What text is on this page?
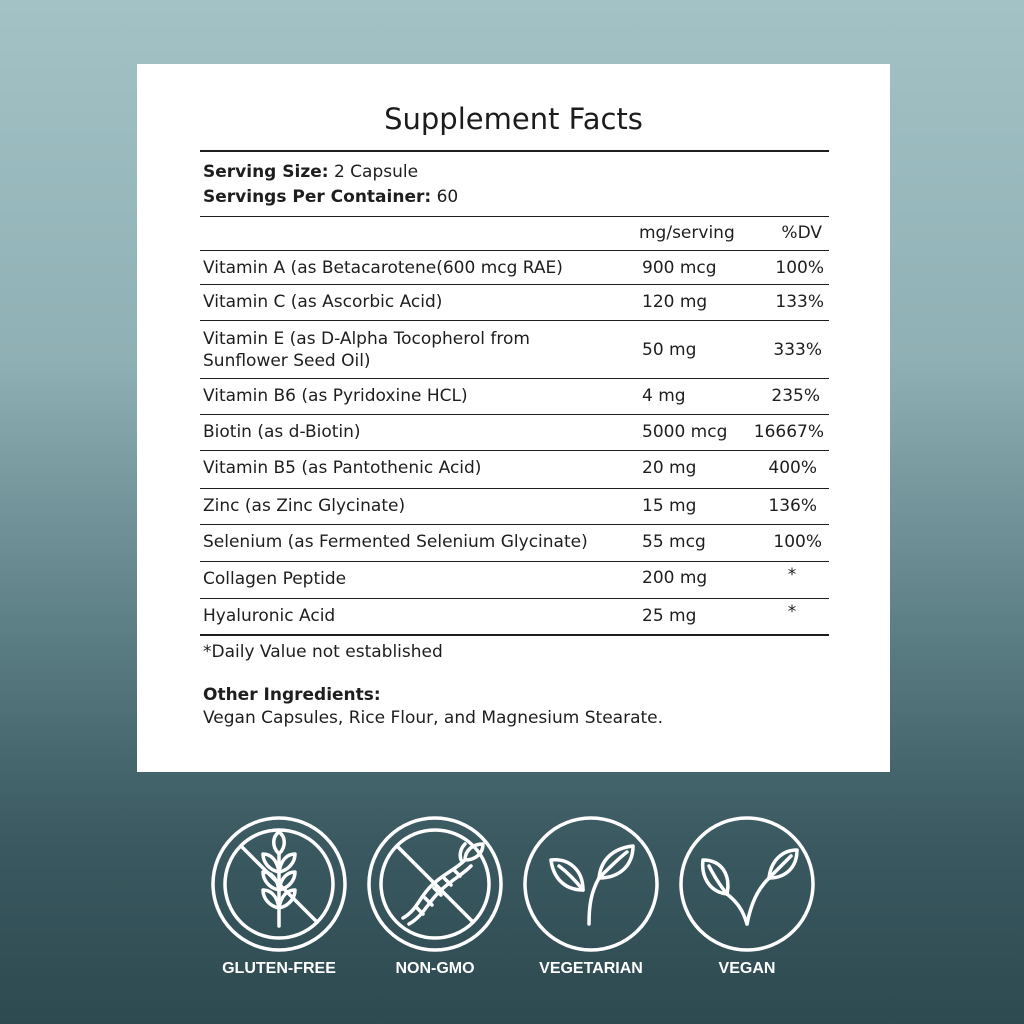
Supplement Facts
Serving Size: 2 Capsule
Servings Per Container: 60
mg/serving	%DV
Vitamin A (as Betacarotene(600 mcg RAE)	900 mcg	100%
Vitamin C (as Ascorbic Acid)	120 mg	133%
Vitamin E (as D-Alpha Tocopherol from
Sunflower Seed Oil)
50 mg	333%
Vitamin B6 (as Pyridoxine HCL)	4 mg	235%
Biotin (as d-Biotin)	5000 mcg	16667%
Vitamin B5 (as Pantothenic Acid)	20 mg	400%
Zinc (as Zinc Glycinate)	15 mg	136%
Selenium (as Fermented Selenium Glycinate)	55 mcg	100%
Collagen Peptide	200 mg	*
Hyaluronic Acid	25 mg	*
*Daily Value not established
Other Ingredients:
Vegan Capsules, Rice Flour, and Magnesium Stearate.
GLUTEN-FREE	NON-GMO	VEGETARIAN	VEGAN
